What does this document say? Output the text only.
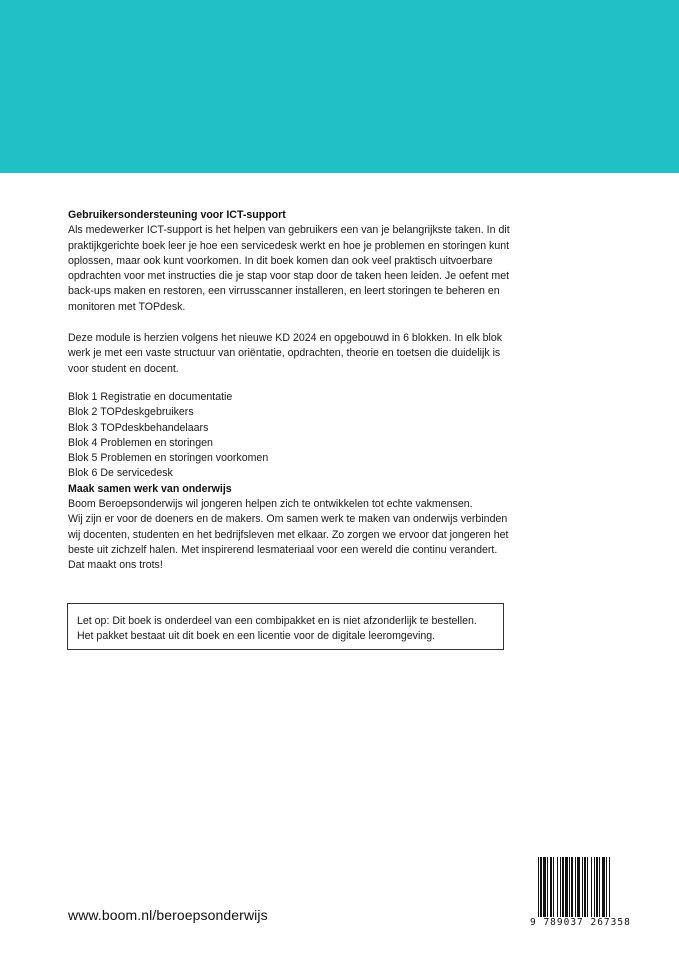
Gebruikersondersteuning voor ICT-support

Als medewerker ICT-support is het helpen van gebruikers een van je belangrijkste taken. In dit

praktijkgerichte boek leer je hoe een servicedesk werkt en hoe je problemen en storingen kunt

oplossen, maar ook kunt voorkomen. In dit boek komen dan ook veel praktisch uitvoerbare

opdrachten voor met instructies die je stap voor stap door de taken heen leiden. Je oefent met

back-ups maken en restoren, een virrusscanner installeren, en leert storingen te beheren en

monitoren met TOPdesk.

Deze module is herzien volgens het nieuwe KD 2024 en opgebouwd in 6 blokken. In elk blok

werk je met een vaste structuur van oriëntatie, opdrachten, theorie en toetsen die duidelijk is

voor student en docent.

Blok 1 Registratie en documentatie
Blok 2 TOPdeskgebruikers
Blok 3 TOPdeskbehandelaars
Blok 4 Problemen en storingen
Blok 5 Problemen en storingen voorkomen
Blok 6 De servicedesk

Maak samen werk van onderwijs

Boom Beroepsonderwijs wil jongeren helpen zich te ontwikkelen tot echte vakmensen.

Wij zijn er voor de doeners en de makers. Om samen werk te maken van onderwijs verbinden

wij docenten, studenten en het bedrijfsleven met elkaar. Zo zorgen we ervoor dat jongeren het

beste uit zichzelf halen. Met inspirerend lesmateriaal voor een wereld die continu verandert.

Dat maakt ons trots!

Let op: Dit boek is onderdeel van een combipakket en is niet afzonderlijk te bestellen.

Het pakket bestaat uit dit boek en een licentie voor de digitale leeromgeving.

www.boom.nl/beroepsonderwijs	9 789037 267358
